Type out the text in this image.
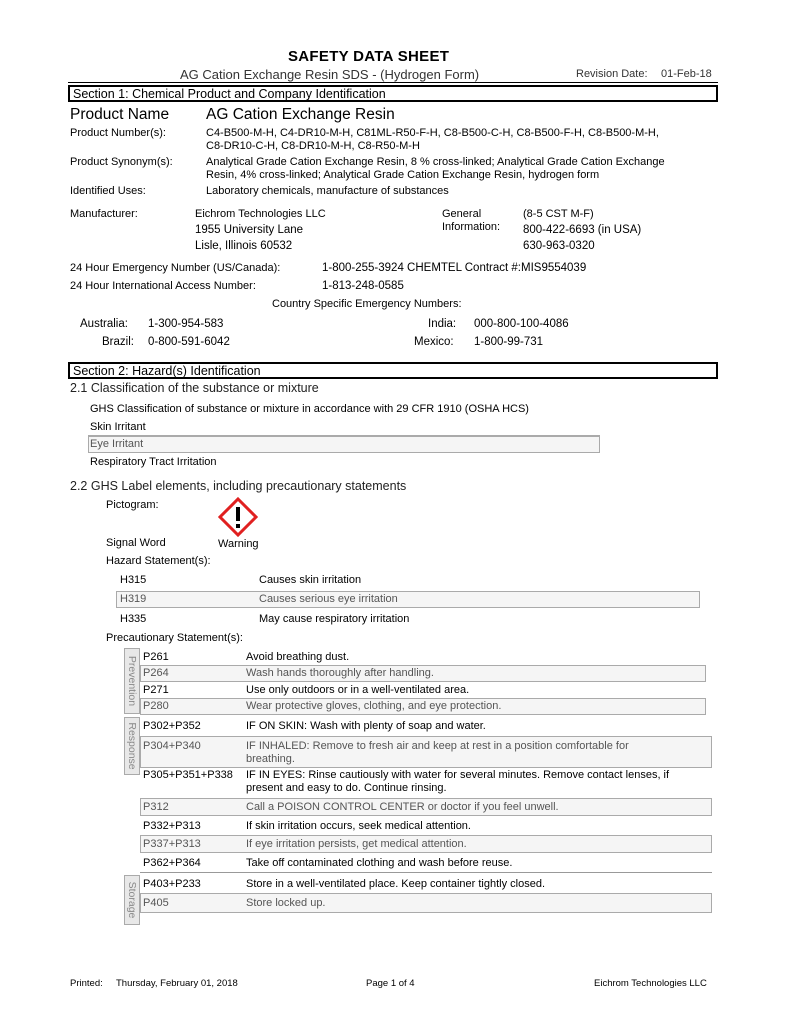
SAFETY DATA SHEET
AG Cation Exchange Resin SDS - (Hydrogen Form)	Revision Date: 01-Feb-18
Section 1: Chemical Product and Company Identification
Product Name AG Cation Exchange Resin
Product Number(s):	C4-B500-M-H, C4-DR10-M-H, C81ML-R50-F-H, C8-B500-C-H, C8-B500-F-H, C8-B500-M-H,
C8-DR10-C-H, C8-DR10-M-H, C8-R50-M-H
Product Synonym(s):	Analytical Grade Cation Exchange Resin, 8 % cross-linked; Analytical Grade Cation Exchange
Resin, 4% cross-linked; Analytical Grade Cation Exchange Resin, hydrogen form
Identified Uses:	Laboratory chemicals, manufacture of substances
Manufacturer:	Eichrom Technologies LLC
1955 University Lane
Lisle, Illinois 60532
General
Information:
(8-5 CST M-F)
800-422-6693 (in USA)
630-963-0320
24 Hour Emergency Number (US/Canada):	1-800-255-3924 CHEMTEL Contract #:MIS9554039
24 Hour International Access Number:	1-813-248-0585
Country Specific Emergency Numbers:
Australia: 1-300-954-583	India: 000-800-100-4086
Brazil: 0-800-591-6042	Mexico: 1-800-99-731
Section 2: Hazard(s) Identification
2.1 Classification of the substance or mixture
GHS Classification of substance or mixture in accordance with 29 CFR 1910 (OSHA HCS)
Skin Irritant
Eye Irritant
Respiratory Tract Irritation
2.2 GHS Label elements, including precautionary statements
Pictogram:
Signal Word	Warning
Hazard Statement(s):
H315	Causes skin irritation
H319	Causes serious eye irritation
H335	May cause respiratory irritation
Precautionary Statement(s):
Prevention P261	Avoid breathing dust.
P264	Wash hands thoroughly after handling.
P271	Use only outdoors or in a well-ventilated area.
P280	Wear protective gloves, clothing, and eye protection.
Response P302+P352	IF ON SKIN: Wash with plenty of soap and water.
P304+P340	IF INHALED: Remove to fresh air and keep at rest in a position comfortable for
breathing.
P305+P351+P338 IF IN EYES: Rinse cautiously with water for several minutes. Remove contact lenses, if
present and easy to do. Continue rinsing.
P312	Call a POISON CONTROL CENTER or doctor if you feel unwell.
P332+P313	If skin irritation occurs, seek medical attention.
P337+P313	If eye irritation persists, get medical attention.
P362+P364	Take off contaminated clothing and wash before reuse.
Storage P403+P233	Store in a well-ventilated place. Keep container tightly closed.
P405	Store locked up.
Printed: Thursday, February 01, 2018	Page 1 of 4	Eichrom Technologies LLC
